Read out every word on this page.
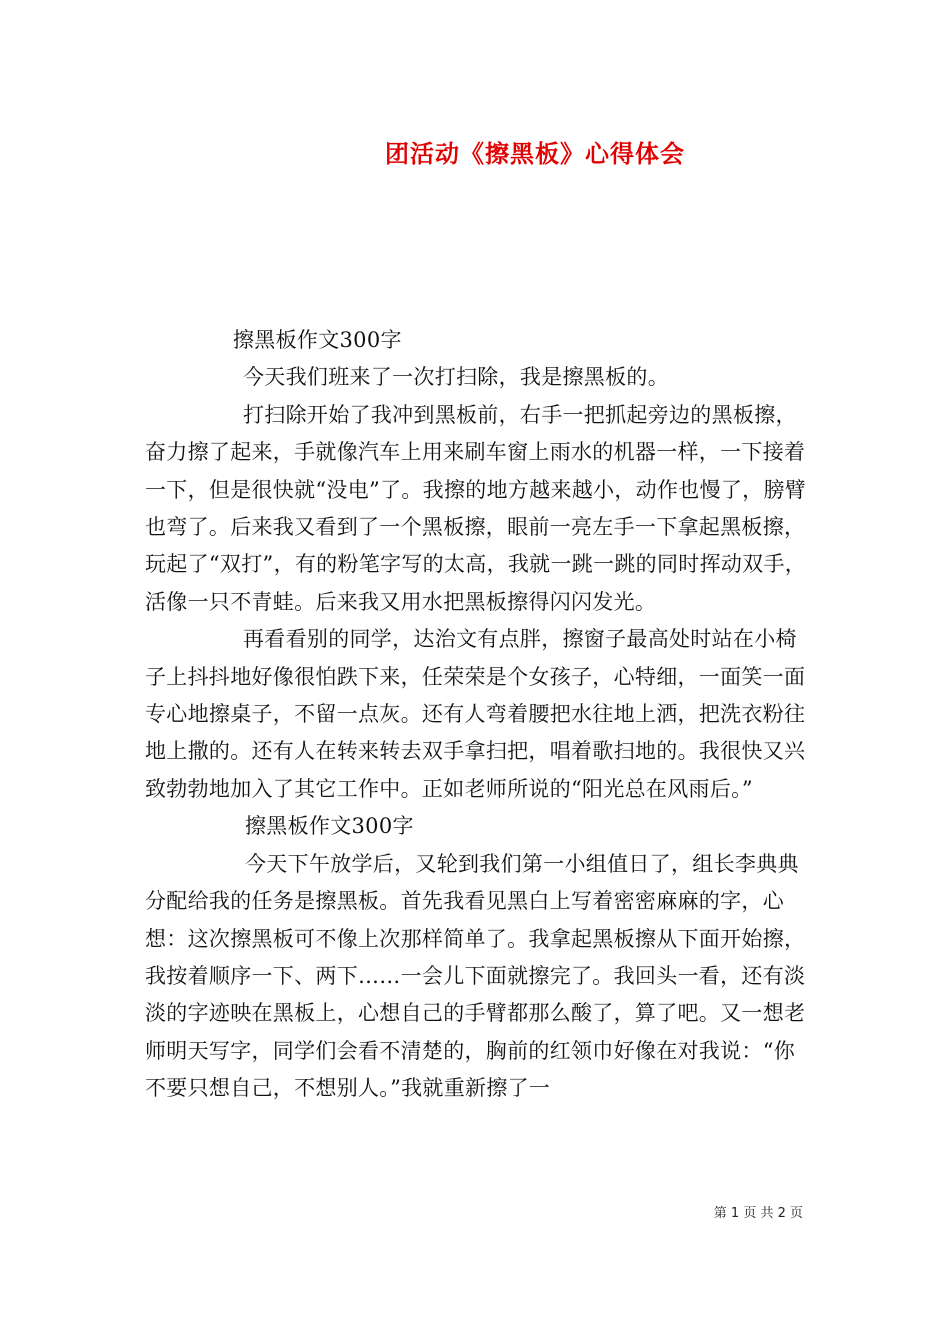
团活动《擦黑板》心得体会

擦黑板作文300字

今天我们班来了一次打扫除，我是擦黑板的。

打扫除开始了我冲到黑板前，右手一把抓起旁边的黑板擦，奋力擦了起来，手就像汽车上用来刷车窗上雨水的机器一样，一下接着一下，但是很快就“没电”了。我擦的地方越来越小，动作也慢了，膀臂也弯了。后来我又看到了一个黑板擦，眼前一亮左手一下拿起黑板擦，玩起了“双打”，有的粉笔字写的太高，我就一跳一跳的同时挥动双手，活像一只不青蛙。后来我又用水把黑板擦得闪闪发光。

再看看别的同学，达治文有点胖，擦窗子最高处时站在小椅子上抖抖地好像很怕跌下来，任荣荣是个女孩子，心特细，一面笑一面专心地擦桌子，不留一点灰。还有人弯着腰把水往地上洒，把洗衣粉往地上撒的。还有人在转来转去双手拿扫把，唱着歌扫地的。我很快又兴致勃勃地加入了其它工作中。正如老师所说的“阳光总在风雨后。”

擦黑板作文300字

今天下午放学后，又轮到我们第一小组值日了，组长李典典分配给我的任务是擦黑板。首先我看见黑白上写着密密麻麻的字，心想：这次擦黑板可不像上次那样简单了。我拿起黑板擦从下面开始擦，我按着顺序一下、两下……一会儿下面就擦完了。我回头一看，还有淡淡的字迹映在黑板上，心想自己的手臂都那么酸了，算了吧。又一想老师明天写字，同学们会看不清楚的，胸前的红领巾好像在对我说：“你不要只想自己，不想别人。”我就重新擦了一

第 1 页 共 2 页
